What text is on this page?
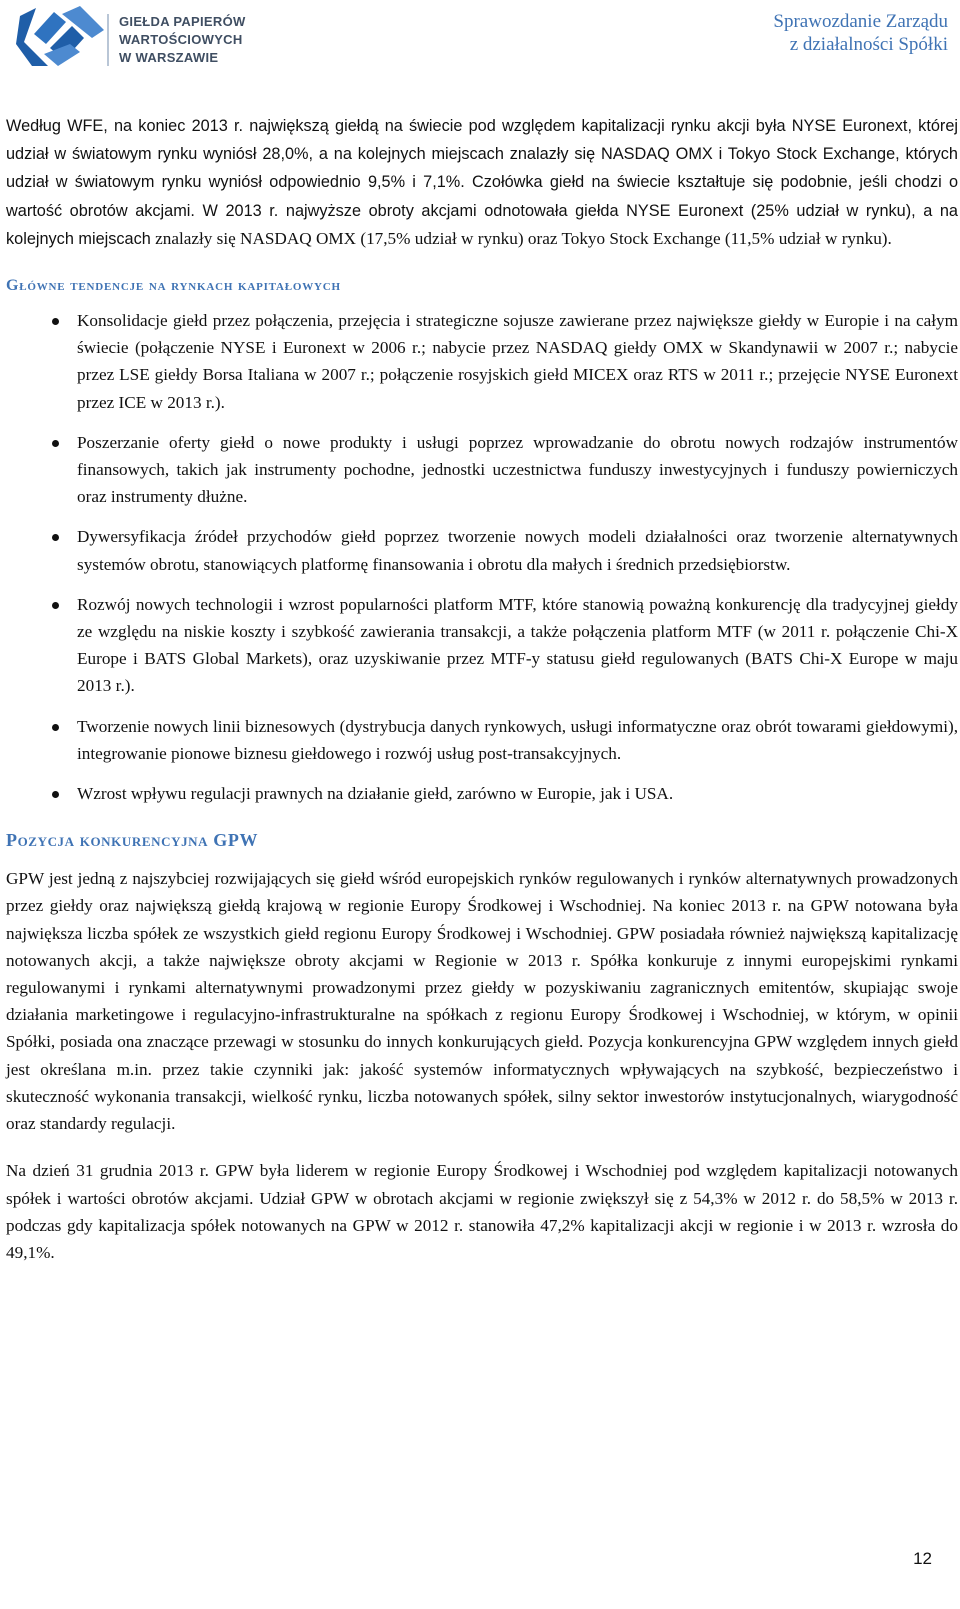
GIEŁDA PAPIERÓW
WARTOŚCIOWYCH
W WARSZAWIE
Sprawozdanie Zarządu
z działalności Spółki

Według WFE, na koniec 2013 r. największą giełdą na świecie pod względem kapitalizacji rynku akcji była NYSE Euronext, której udział w światowym rynku wyniósł 28,0%, a na kolejnych miejscach znalazły się NASDAQ OMX i Tokyo Stock Exchange, których udział w światowym rynku wyniósł odpowiednio 9,5% i 7,1%. Czołówka giełd na świecie kształtuje się podobnie, jeśli chodzi o wartość obrotów akcjami. W 2013 r. najwyższe obroty akcjami odnotowała giełda NYSE Euronext (25% udział w rynku), a na kolejnych miejscach znalazły się NASDAQ OMX (17,5% udział w rynku) oraz Tokyo Stock Exchange (11,5% udział w rynku).

Główne tendencje na rynkach kapitałowych
Konsolidacje giełd przez połączenia, przejęcia i strategiczne sojusze zawierane przez największe giełdy w Europie i na całym świecie (połączenie NYSE i Euronext w 2006 r.; nabycie przez NASDAQ giełdy OMX w Skandynawii w 2007 r.; nabycie przez LSE giełdy Borsa Italiana w 2007 r.; połączenie rosyjskich giełd MICEX oraz RTS w 2011 r.; przejęcie NYSE Euronext przez ICE w 2013 r.).
Poszerzanie oferty giełd o nowe produkty i usługi poprzez wprowadzanie do obrotu nowych rodzajów instrumentów finansowych, takich jak instrumenty pochodne, jednostki uczestnictwa funduszy inwestycyjnych i funduszy powierniczych oraz instrumenty dłużne.
Dywersyfikacja źródeł przychodów giełd poprzez tworzenie nowych modeli działalności oraz tworzenie alternatywnych systemów obrotu, stanowiących platformę finansowania i obrotu dla małych i średnich przedsiębiorstw.
Rozwój nowych technologii i wzrost popularności platform MTF, które stanowią poważną konkurencję dla tradycyjnej giełdy ze względu na niskie koszty i szybkość zawierania transakcji, a także połączenia platform MTF (w 2011 r. połączenie Chi-X Europe i BATS Global Markets), oraz uzyskiwanie przez MTF-y statusu giełd regulowanych (BATS Chi-X Europe w maju 2013 r.).
Tworzenie nowych linii biznesowych (dystrybucja danych rynkowych, usługi informatyczne oraz obrót towarami giełdowymi), integrowanie pionowe biznesu giełdowego i rozwój usług post-transakcyjnych.
Wzrost wpływu regulacji prawnych na działanie giełd, zarówno w Europie, jak i USA.
Pozycja konkurencyjna GPW

GPW jest jedną z najszybciej rozwijających się giełd wśród europejskich rynków regulowanych i rynków alternatywnych prowadzonych przez giełdy oraz największą giełdą krajową w regionie Europy Środkowej i Wschodniej. Na koniec 2013 r. na GPW notowana była największa liczba spółek ze wszystkich giełd regionu Europy Środkowej i Wschodniej. GPW posiadała również największą kapitalizację notowanych akcji, a także największe obroty akcjami w Regionie w 2013 r. Spółka konkuruje z innymi europejskimi rynkami regulowanymi i rynkami alternatywnymi prowadzonymi przez giełdy w pozyskiwaniu zagranicznych emitentów, skupiając swoje działania marketingowe i regulacyjno-infrastrukturalne na spółkach z regionu Europy Środkowej i Wschodniej, w którym, w opinii Spółki, posiada ona znaczące przewagi w stosunku do innych konkurujących giełd. Pozycja konkurencyjna GPW względem innych giełd jest określana m.in. przez takie czynniki jak: jakość systemów informatycznych wpływających na szybkość, bezpieczeństwo i skuteczność wykonania transakcji, wielkość rynku, liczba notowanych spółek, silny sektor inwestorów instytucjonalnych, wiarygodność oraz standardy regulacji.

Na dzień 31 grudnia 2013 r. GPW była liderem w regionie Europy Środkowej i Wschodniej pod względem kapitalizacji notowanych spółek i wartości obrotów akcjami. Udział GPW w obrotach akcjami w regionie zwiększył się z 54,3% w 2012 r. do 58,5% w 2013 r. podczas gdy kapitalizacja spółek notowanych na GPW w 2012 r. stanowiła 47,2% kapitalizacji akcji w regionie i w 2013 r. wzrosła do 49,1%.

12
